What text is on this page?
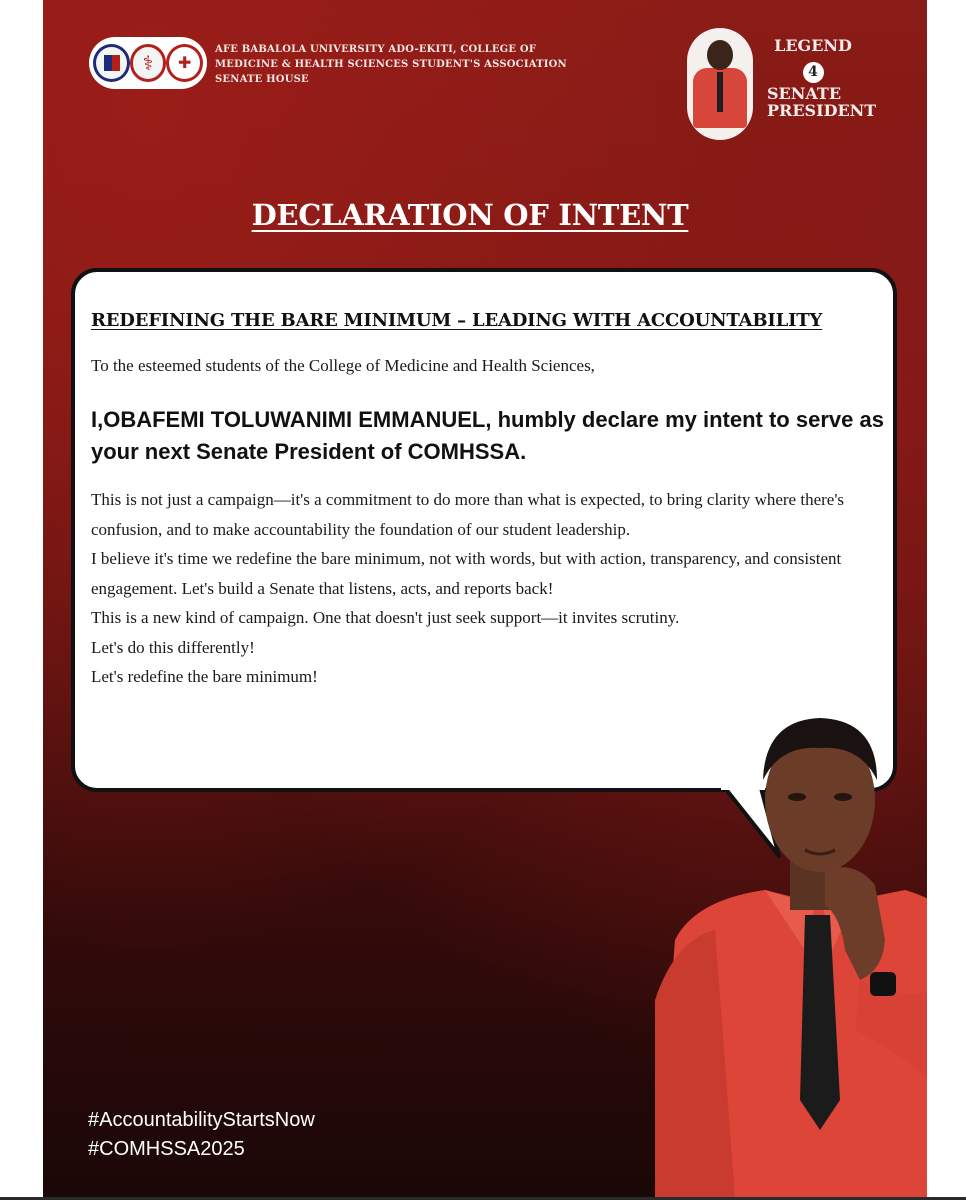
⚕
✚
AFE BABALOLA UNIVERSITY ADO-EKITI, COLLEGE OF
MEDICINE & HEALTH SCIENCES STUDENT'S ASSOCIATION
SENATE HOUSE
LEGEND
4
SENATE
PRESIDENT
DECLARATION OF INTENT
REDEFINING THE BARE MINIMUM – LEADING WITH ACCOUNTABILITY
To the esteemed students of the College of Medicine and Health Sciences,
I,OBAFEMI TOLUWANIMI EMMANUEL, humbly declare my intent to serve as your next Senate President of COMHSSA.

This is not just a campaign—it's a commitment to do more than what is expected, to bring clarity where there's confusion, and to make accountability the foundation of our student leadership.

I believe it's time we redefine the bare minimum, not with words, but with action, transparency, and consistent engagement. Let's build a Senate that listens, acts, and reports back!

This is a new kind of campaign. One that doesn't just seek support—it invites scrutiny.

Let's do this differently!

Let's redefine the bare minimum!

#AccountabilityStartsNow
#COMHSSA2025
